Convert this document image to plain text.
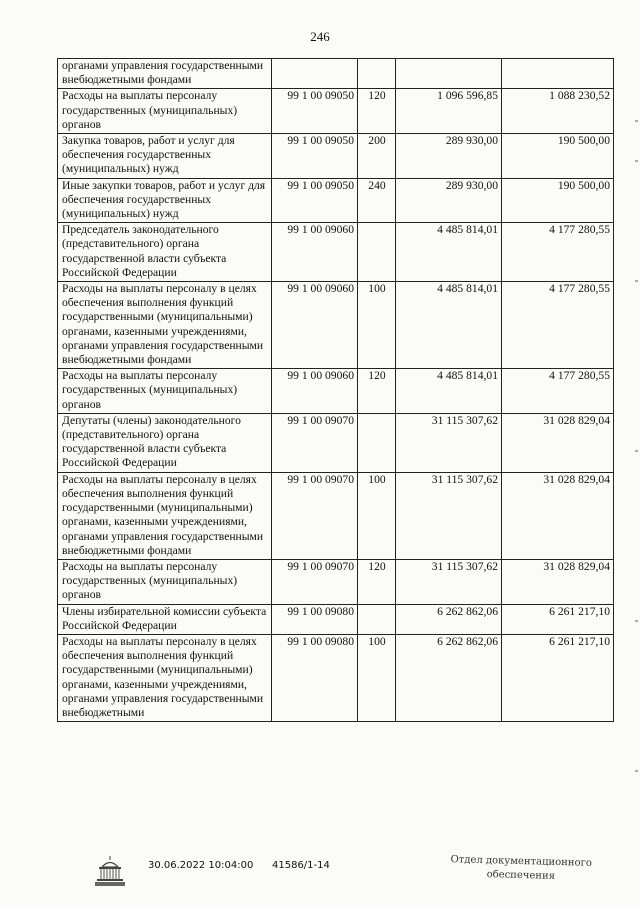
246
органами управления государственными внебюджетными фондами				
Расходы на выплаты персоналу государственных (муниципальных) органов	99 1 00 09050	120	1 096 596,85	1 088 230,52
Закупка товаров, работ и услуг для обеспечения государственных (муниципальных) нужд	99 1 00 09050	200	289 930,00	190 500,00
Иные закупки товаров, работ и услуг для обеспечения государственных (муниципальных) нужд	99 1 00 09050	240	289 930,00	190 500,00
Председатель законодательного (представительного) органа государственной власти субъекта Российской Федерации	99 1 00 09060		4 485 814,01	4 177 280,55
Расходы на выплаты персоналу в целях обеспечения выполнения функций государственными (муниципальными) органами, казенными учреждениями, органами управления государственными внебюджетными фондами	99 1 00 09060	100	4 485 814,01	4 177 280,55
Расходы на выплаты персоналу государственных (муниципальных) органов	99 1 00 09060	120	4 485 814,01	4 177 280,55
Депутаты (члены) законодательного (представительного) органа государственной власти субъекта Российской Федерации	99 1 00 09070		31 115 307,62	31 028 829,04
Расходы на выплаты персоналу в целях обеспечения выполнения функций государственными (муниципальными) органами, казенными учреждениями, органами управления государственными внебюджетными фондами	99 1 00 09070	100	31 115 307,62	31 028 829,04
Расходы на выплаты персоналу государственных (муниципальных) органов	99 1 00 09070	120	31 115 307,62	31 028 829,04
Члены избирательной комиссии субъекта Российской Федерации	99 1 00 09080		6 262 862,06	6 261 217,10
Расходы на выплаты персоналу в целях обеспечения выполнения функций государственными (муниципальными) органами, казенными учреждениями, органами управления государственными внебюджетными	99 1 00 09080	100	6 262 862,06	6 261 217,10
30.06.2022 10:04:00 41586/1-14	Отдел документационного
обеспечения
